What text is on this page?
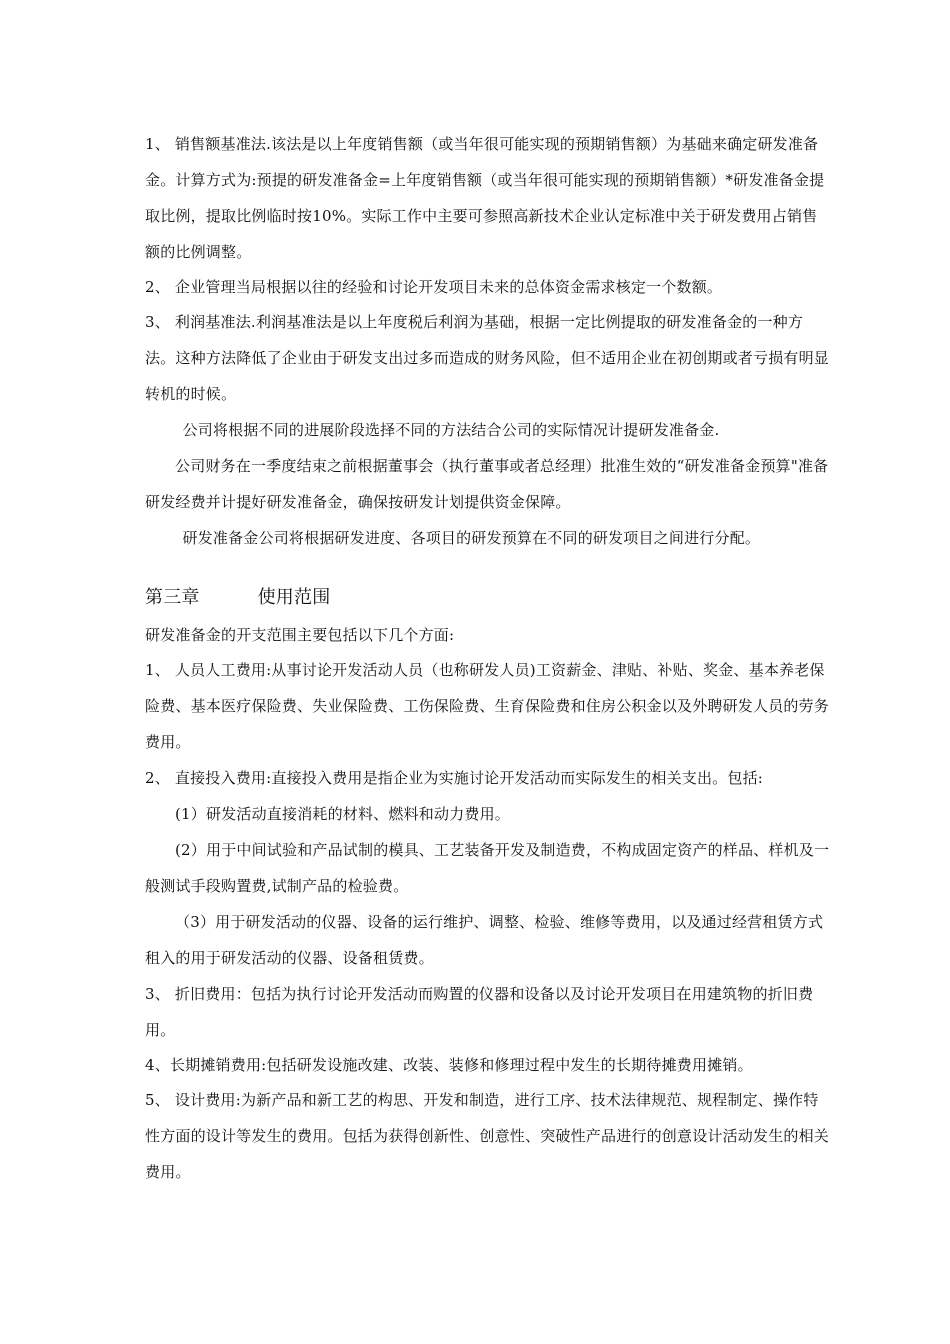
1、 销售额基准法.该法是以上年度销售额（或当年很可能实现的预期销售额）为基础来确定研发准备金。计算方式为:预提的研发准备金=上年度销售额（或当年很可能实现的预期销售额）*研发准备金提取比例，提取比例临时按10%。实际工作中主要可参照高新技术企业认定标准中关于研发费用占销售额的比例调整。

2、 企业管理当局根据以往的经验和讨论开发项目未来的总体资金需求核定一个数额。

3、 利润基准法.利润基准法是以上年度税后利润为基础，根据一定比例提取的研发准备金的一种方法。这种方法降低了企业由于研发支出过多而造成的财务风险，但不适用企业在初创期或者亏损有明显转机的时候。

公司将根据不同的进展阶段选择不同的方法结合公司的实际情况计提研发准备金.

公司财务在一季度结束之前根据董事会（执行董事或者总经理）批准生效的“研发准备金预算"准备研发经费并计提好研发准备金，确保按研发计划提供资金保障。

研发准备金公司将根据研发进度、各项目的研发预算在不同的研发项目之间进行分配。

第三章	使用范围

研发准备金的开支范围主要包括以下几个方面:

1、 人员人工费用:从事讨论开发活动人员（也称研发人员)工资薪金、津贴、补贴、奖金、基本养老保险费、基本医疗保险费、失业保险费、工伤保险费、生育保险费和住房公积金以及外聘研发人员的劳务费用。

2、 直接投入费用:直接投入费用是指企业为实施讨论开发活动而实际发生的相关支出。包括:

(1）研发活动直接消耗的材料、燃料和动力费用。

(2）用于中间试验和产品试制的模具、工艺装备开发及制造费，不构成固定资产的样品、样机及一般测试手段购置费,试制产品的检验费。

（3）用于研发活动的仪器、设备的运行维护、调整、检验、维修等费用，以及通过经营租赁方式租入的用于研发活动的仪器、设备租赁费。

3、 折旧费用：包括为执行讨论开发活动而购置的仪器和设备以及讨论开发项目在用建筑物的折旧费用。

4、长期摊销费用:包括研发设施改建、改装、装修和修理过程中发生的长期待摊费用摊销。

5、 设计费用:为新产品和新工艺的构思、开发和制造，进行工序、技术法律规范、规程制定、操作特性方面的设计等发生的费用。包括为获得创新性、创意性、突破性产品进行的创意设计活动发生的相关费用。
